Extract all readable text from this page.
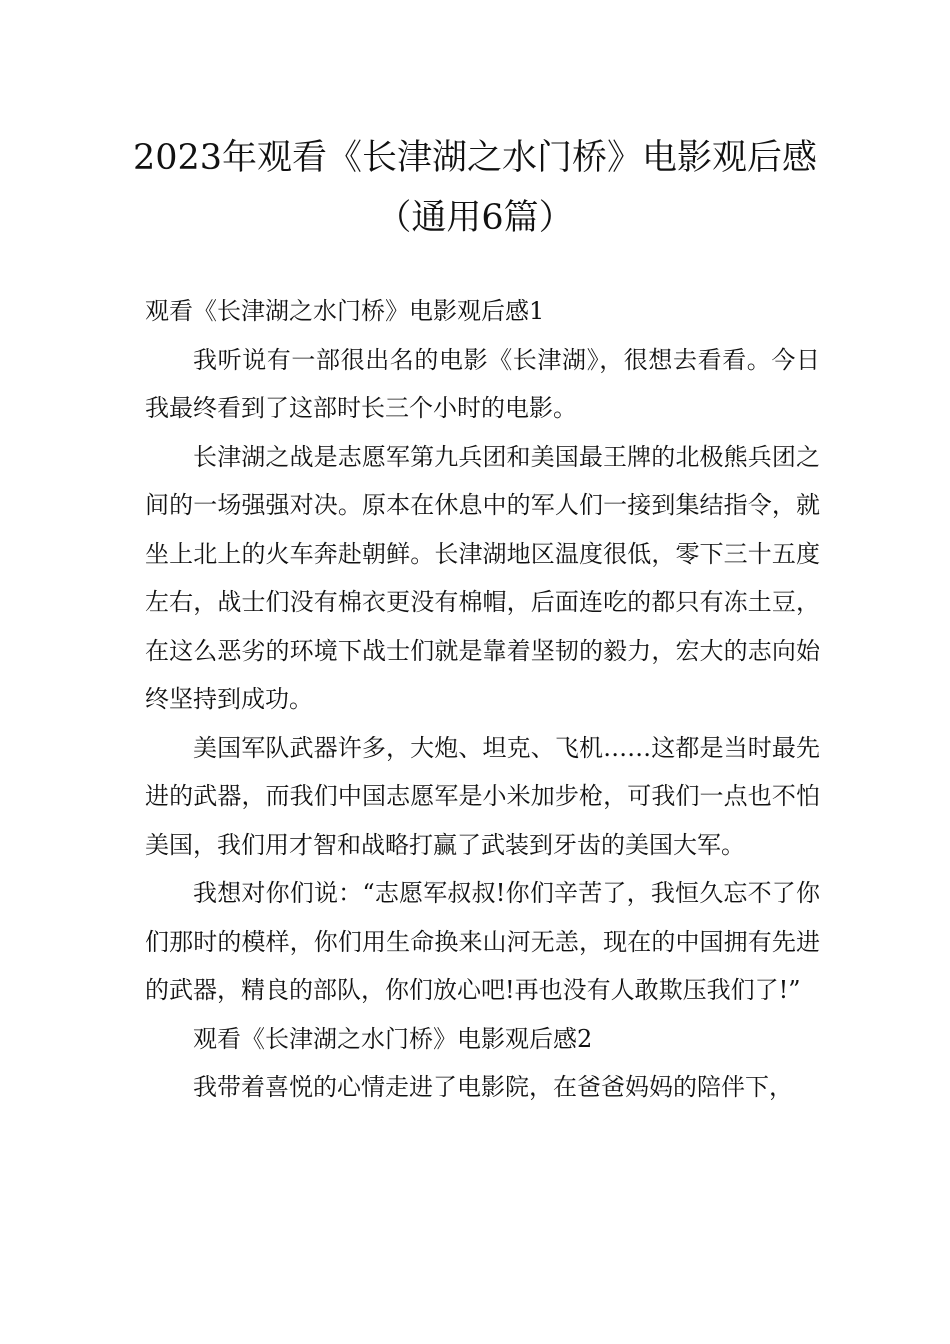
2023年观看《长津湖之水门桥》电影观后感
（通用6篇）

观看《长津湖之水门桥》电影观后感1

我听说有一部很出名的电影《长津湖》，很想去看看。今日我最终看到了这部时长三个小时的电影。

长津湖之战是志愿军第九兵团和美国最王牌的北极熊兵团之间的一场强强对决。原本在休息中的军人们一接到集结指令，就坐上北上的火车奔赴朝鲜。长津湖地区温度很低，零下三十五度左右，战士们没有棉衣更没有棉帽，后面连吃的都只有冻土豆，在这么恶劣的环境下战士们就是靠着坚韧的毅力，宏大的志向始终坚持到成功。

美国军队武器许多，大炮、坦克、飞机……这都是当时最先进的武器，而我们中国志愿军是小米加步枪，可我们一点也不怕美国，我们用才智和战略打赢了武装到牙齿的美国大军。

我想对你们说：“志愿军叔叔!你们辛苦了，我恒久忘不了你们那时的模样，你们用生命换来山河无恙，现在的中国拥有先进的武器，精良的部队，你们放心吧!再也没有人敢欺压我们了!”

观看《长津湖之水门桥》电影观后感2

我带着喜悦的心情走进了电影院，在爸爸妈妈的陪伴下，
